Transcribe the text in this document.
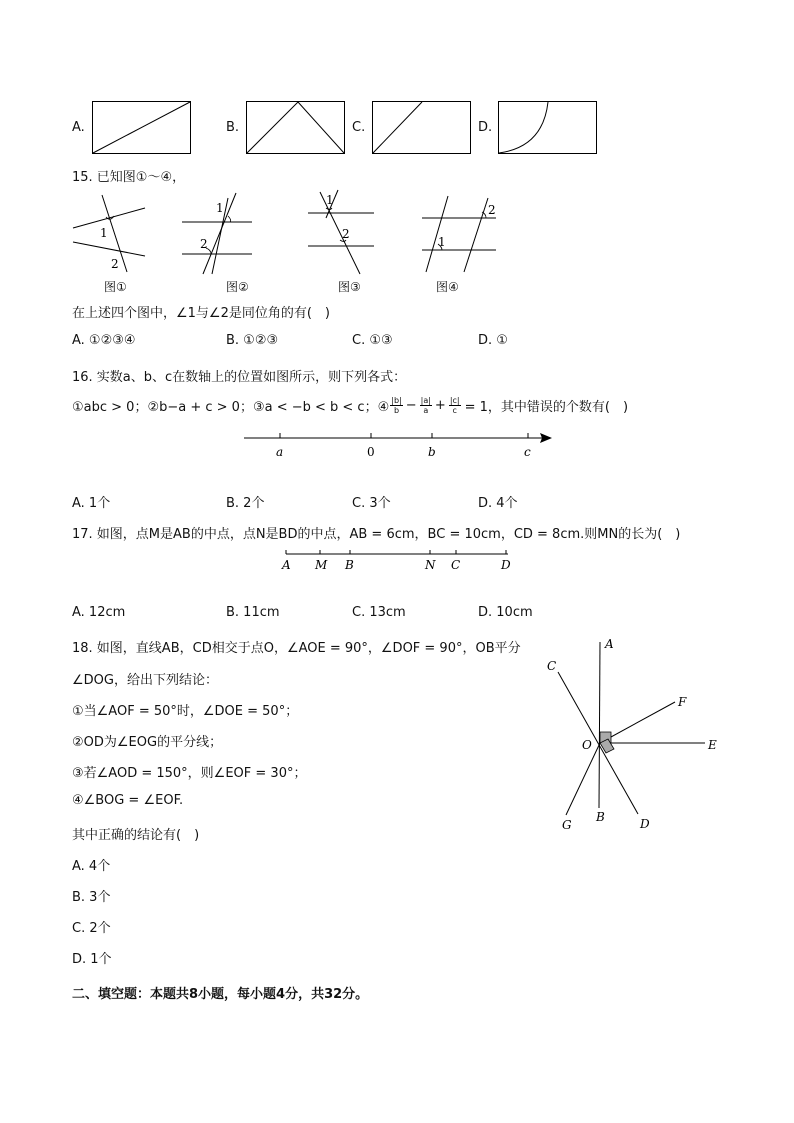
A.	B.	C.	D.
15. 已知图①～④，
1
2
图①
1
2
图②
1
2
图③
1
2
图④
在上述四个图中，∠1与∠2是同位角的有(　)
A. ①②③④	B. ①②③	C. ①③	D. ①
16. 实数a、b、c在数轴上的位置如图所示，则下列各式：
①abc > 0；②b−a + c > 0；③a < −b < b < c；④ $\frac{|b|}{b} - \frac{|a|}{a} + \frac{|c|}{c} = 1$，其中错误的个数有(　)
a	0	b	c
A. 1个	B. 2个	C. 3个	D. 4个
17. 如图，点M是AB的中点，点N是BD的中点，AB = 6cm，BC = 10cm，CD = 8cm.则MN的长为(　)
A M B	N C	D
A. 12cm	B. 11cm	C. 13cm	D. 10cm
18. 如图，直线AB，CD相交于点O，∠AOE = 90°，∠DOF = 90°，OB平分
∠DOG，给出下列结论：
①当∠AOF = 50°时，∠DOE = 50°；
②OD为∠EOG的平分线；
③若∠AOD = 150°，则∠EOF = 30°；
④∠BOG = ∠EOF.
其中正确的结论有(　)
A. 4个
B. 3个
C. 2个
D. 1个
A
C
F
O	E
G
B	D
二、填空题：本题共8小题，每小题4分，共32分。
